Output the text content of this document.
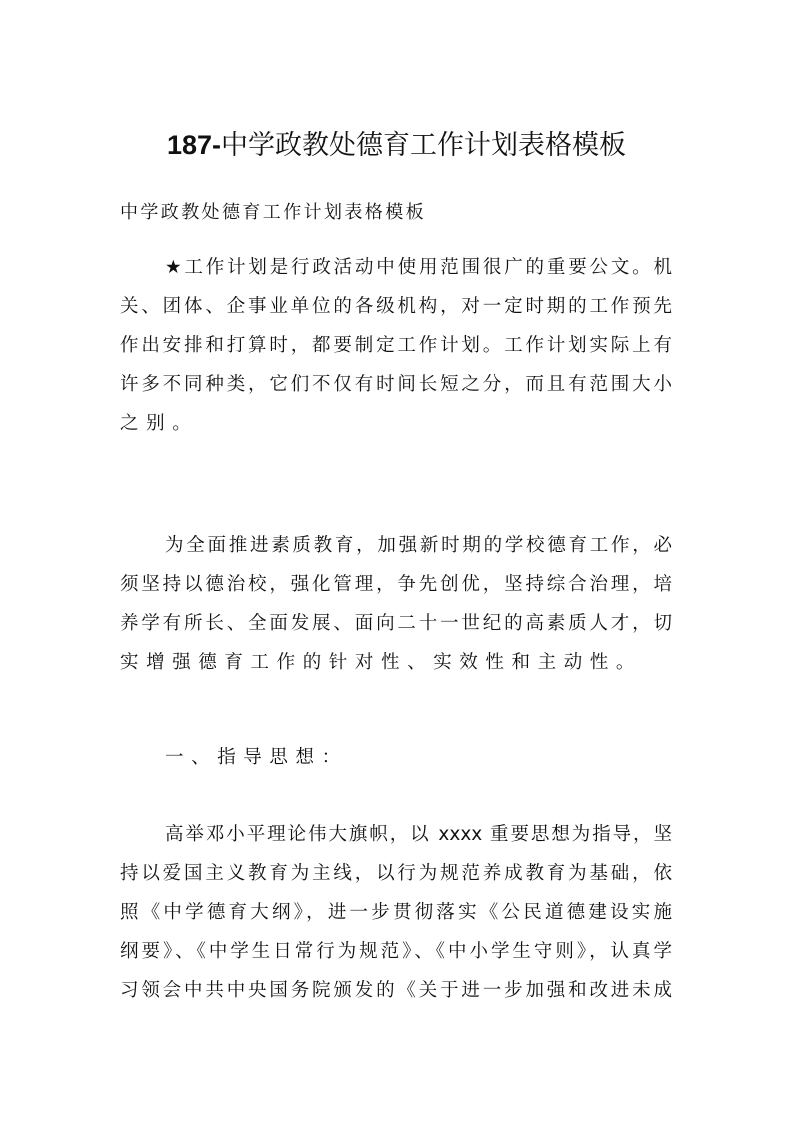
187-中学政教处德育工作计划表格模板
中学政教处德育工作计划表格模板
★工作计划是行政活动中使用范围很广的重要公文。机
关、团体、企事业单位的各级机构，对一定时期的工作预先
作出安排和打算时，都要制定工作计划。工作计划实际上有
许多不同种类，它们不仅有时间长短之分，而且有范围大小
之别。
为全面推进素质教育，加强新时期的学校德育工作，必
须坚持以德治校，强化管理，争先创优，坚持综合治理，培
养学有所长、全面发展、面向二十一世纪的高素质人才，切
实增强德育工作的针对性、实效性和主动性。
一、指导思想：
高举邓小平理论伟大旗帜，以 xxxx 重要思想为指导，坚
持以爱国主义教育为主线，以行为规范养成教育为基础，依
照《中学德育大纲》，进一步贯彻落实《公民道德建设实施
纲要》、《中学生日常行为规范》、《中小学生守则》，认真学
习领会中共中央国务院颁发的《关于进一步加强和改进未成
